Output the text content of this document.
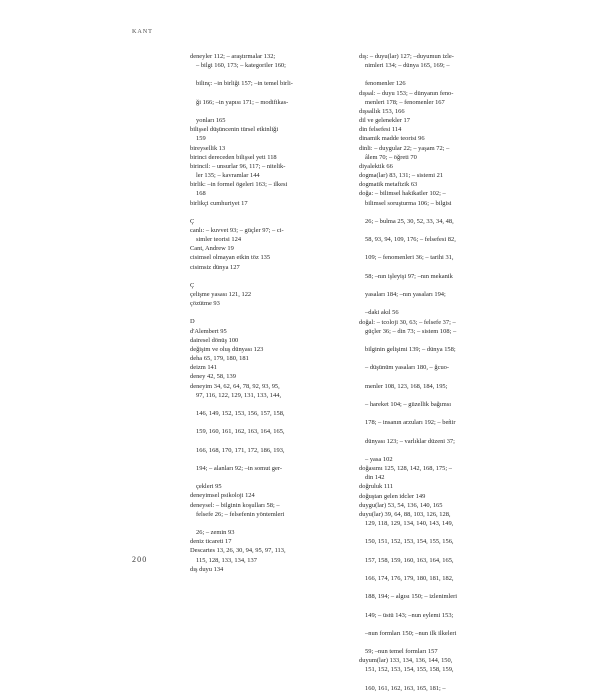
KANT
deneyler 112; – araştırmalar 132;

– bilgi 160, 173; – kategoriler 160;

bilinç: –in birliği 157; –in temel birli-

ği 166; –in yapısı 171; – modifikas-

yonları 165
bilişsel düşüncenin türsel etkinliği

159
bireysellik 13
birinci dereceden bilişsel yeti 118
birincil: – unsurlar 96, 117; – nitelik-

ler 135; – kavramlar 144
birlik: –in formel ögeleri 163; – ilkesi

168
birlikçi cumhuriyet 17
Ç
canlı: – kuvvet 93; – güçler 97; – ci-

simler teorisi 124
Cant, Andrew 19
cisimsel olmayan etkin töz 135
cisimsiz dünya 127
Ç
çelişme yasası 121, 122
çözütme 93
D
d'Alembert 95
dairesel dönüş 100
değişim ve oluş dünyası 123
deha 65, 179, 180, 181
deizm 141
deney 42, 58, 139
deneyim 34, 62, 64, 78, 92, 93, 95,

97, 116, 122, 129, 131, 133, 144,

146, 149, 152, 153, 156, 157, 158,

159, 160, 161, 162, 163, 164, 165,

166, 168, 170, 171, 172, 186, 193,

194; – alanları 92; –in somut ger-

çekleri 95
deneyimsel psikoloji 124
deneysel: – bilginin koşulları 58; –

felsefe 26; – felsefenin yöntemleri

26; – zemin 93
deniz ticareti 17
Descartes 13, 26, 30, 94, 95, 97, 113,

115, 128, 133, 134, 137
dış duyu 134
dış: – duyu(lar) 127; –duyumun izle-

nimleri 134; – dünya 165, 169; –

fenomenler 126
dışsal: – duyu 153; – dünyanın feno-

menleri 178; – fenomenler 167
dışsallık 153, 166
dil ve gelenekler 17
din felsefesi 114
dinamik madde teorisi 96
dinli: – duygular 22; – yaşam 72; –

âlem 70; – öğreti 70
diyalektik 66
dogma(lar) 83, 131; – sistemi 21
dogmatik metafizik 63
doğa: – bilimsel hakikatler 102; –

bilimsel soruşturma 106; – bilgisi

26; – bulma 25, 30, 52, 33, 34, 48,

58, 93, 94, 109, 176; – felsefesi 82,

109; – fenomenleri 36; – tarihi 31,

58; –nın işleyişi 97; –nın mekanik

yasaları 184; –nın yasaları 194;

–daki akıl 56
doğal: – tcoloji 30, 63; – felsefe 37; –

güçler 36; – din 73; – sistem 108; –

bilginin gelişimi 139; – dünya 158;

– düşünüm yasaları 180, – ğcuo-

menler 108, 123, 168, 184, 195;

– hareket 104; – güzellik bağımsı

178; – insanın arzuları 192; – beñir

dünyası 123; – varlıklar düzeni 37;

– yasa 102
doğasımı 125, 128, 142, 168, 175; –

din 142
doğruluk 111
doğuştan gelen idcler 149
duygu(lar) 53, 54, 136, 140, 165
duyu(lar) 39, 64, 88, 103, 126, 128,

129, 118, 129, 134, 140, 143, 149,

150, 151, 152, 153, 154, 155, 156,

157, 158, 159, 160, 163, 164, 165,

166, 174, 176, 179, 180, 181, 182,

188, 194; – algısı 150; – izlenimleri

149; – üstü 143; –nun eylemi 153;

–nun formları 150; –nun ilk ilkeleri

59; –nun temel formları 157
duyum(lar) 133, 134, 136, 144, 150,

151, 152, 153, 154, 155, 158, 159,

160, 161, 162, 163, 165, 181; –
200
